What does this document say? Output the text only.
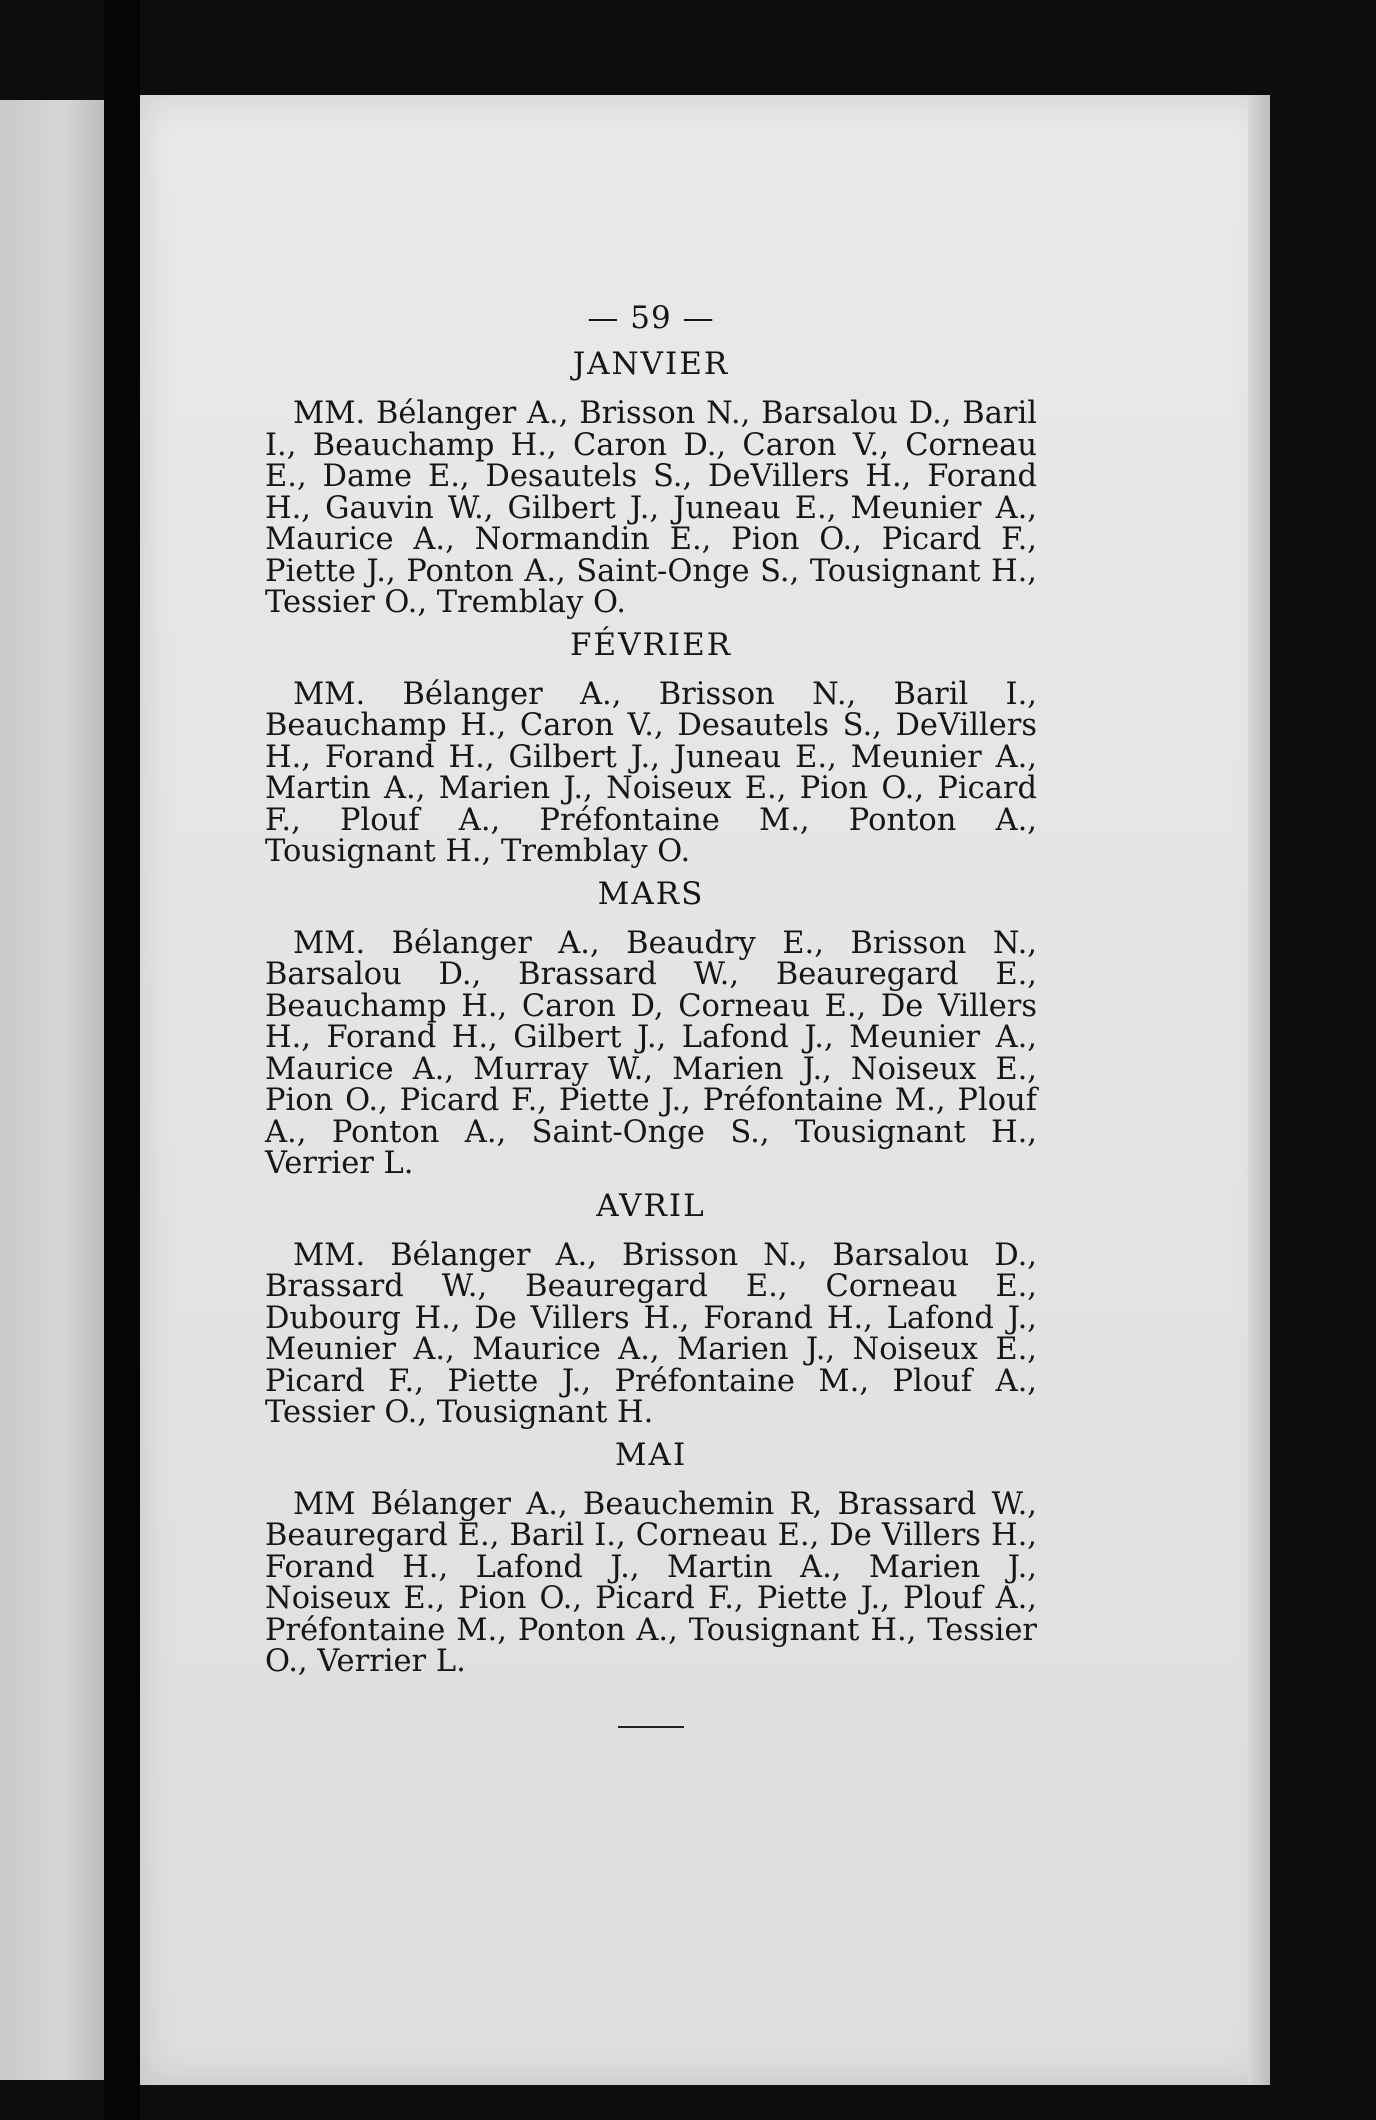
— 59 —
JANVIER

MM. Bélanger A., Brisson N., Barsalou D., Baril I., Beauchamp H., Caron D., Caron V., Corneau E., Dame E., Desautels S., DeVillers H., Forand H., Gauvin W., Gilbert J., Juneau E., Meunier A., Maurice A., Normandin E., Pion O., Picard F., Piette J., Ponton A., Saint-Onge S., Tousignant H., Tessier O., Tremblay O.

FÉVRIER

MM. Bélanger A., Brisson N., Baril I., Beauchamp H., Caron V., Desautels S., DeVillers H., Forand H., Gilbert J., Juneau E., Meunier A., Martin A., Marien J., Noiseux E., Pion O., Picard F., Plouf A., Préfontaine M., Ponton A., Tousignant H., Tremblay O.

MARS

MM. Bélanger A., Beaudry E., Brisson N., Barsalou D., Brassard W., Beauregard E., Beauchamp H., Caron D, Corneau E., De Villers H., Forand H., Gilbert J., Lafond J., Meunier A., Maurice A., Murray W., Marien J., Noiseux E., Pion O., Picard F., Piette J., Préfontaine M., Plouf A., Ponton A., Saint-Onge S., Tousignant H., Verrier L.

AVRIL

MM. Bélanger A., Brisson N., Barsalou D., Brassard W., Beauregard E., Corneau E., Dubourg H., De Villers H., Forand H., Lafond J., Meunier A., Maurice A., Marien J., Noiseux E., Picard F., Piette J., Préfontaine M., Plouf A., Tessier O., Tousignant H.

MAI

MM Bélanger A., Beauchemin R, Brassard W., Beauregard E., Baril I., Corneau E., De Villers H., Forand H., Lafond J., Martin A., Marien J., Noiseux E., Pion O., Picard F., Piette J., Plouf A., Préfontaine M., Ponton A., Tousignant H., Tessier O., Verrier L.
